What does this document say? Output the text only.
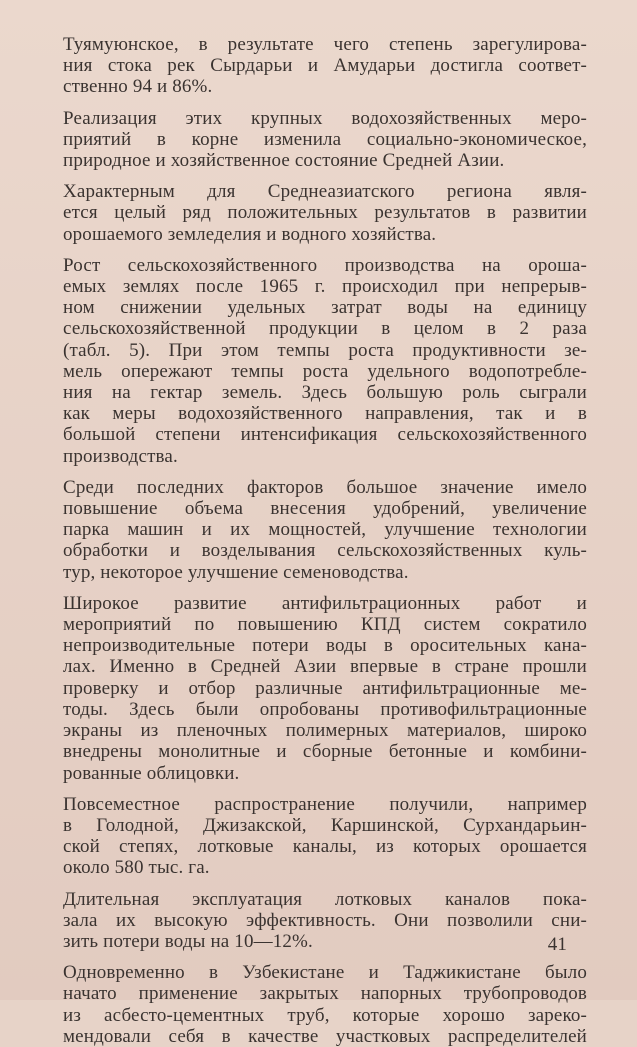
Туямуюнское, в результате чего степень зарегулирова-
ния стока рек Сырдарьи и Амударьи достигла соответ-
ственно 94 и 86%.

Реализация этих крупных водохозяйственных меро-
приятий в корне изменила социально-экономическое,
природное и хозяйственное состояние Средней Азии.

Характерным для Среднеазиатского региона явля-
ется целый ряд положительных результатов в развитии
орошаемого земледелия и водного хозяйства.

Рост сельскохозяйственного производства на ороша-
емых землях после 1965 г. происходил при непрерыв-
ном снижении удельных затрат воды на единицу
сельскохозяйственной продукции в целом в 2 раза
(табл. 5). При этом темпы роста продуктивности зе-
мель опережают темпы роста удельного водопотребле-
ния на гектар земель. Здесь большую роль сыграли
как меры водохозяйственного направления, так и в
большой степени интенсификация сельскохозяйственного
производства.

Среди последних факторов большое значение имело
повышение объема внесения удобрений, увеличение
парка машин и их мощностей, улучшение технологии
обработки и возделывания сельскохозяйственных куль-
тур, некоторое улучшение семеноводства.

Широкое развитие антифильтрационных работ и
мероприятий по повышению КПД систем сократило
непроизводительные потери воды в оросительных кана-
лах. Именно в Средней Азии впервые в стране прошли
проверку и отбор различные антифильтрационные ме-
тоды. Здесь были опробованы противофильтрационные
экраны из пленочных полимерных материалов, широко
внедрены монолитные и сборные бетонные и комбини-
рованные облицовки.

Повсеместное распространение получили, например
в Голодной, Джизакской, Каршинской, Сурхандарьин-
ской степях, лотковые каналы, из которых орошается
около 580 тыс. га.

Длительная эксплуатация лотковых каналов пока-
зала их высокую эффективность. Они позволили сни-
зить потери воды на 10—12%.

Одновременно в Узбекистане и Таджикистане было
начато применение закрытых напорных трубопроводов
из асбесто-цементных труб, которые хорошо зареко-
мендовали себя в качестве участковых распределителей

41
